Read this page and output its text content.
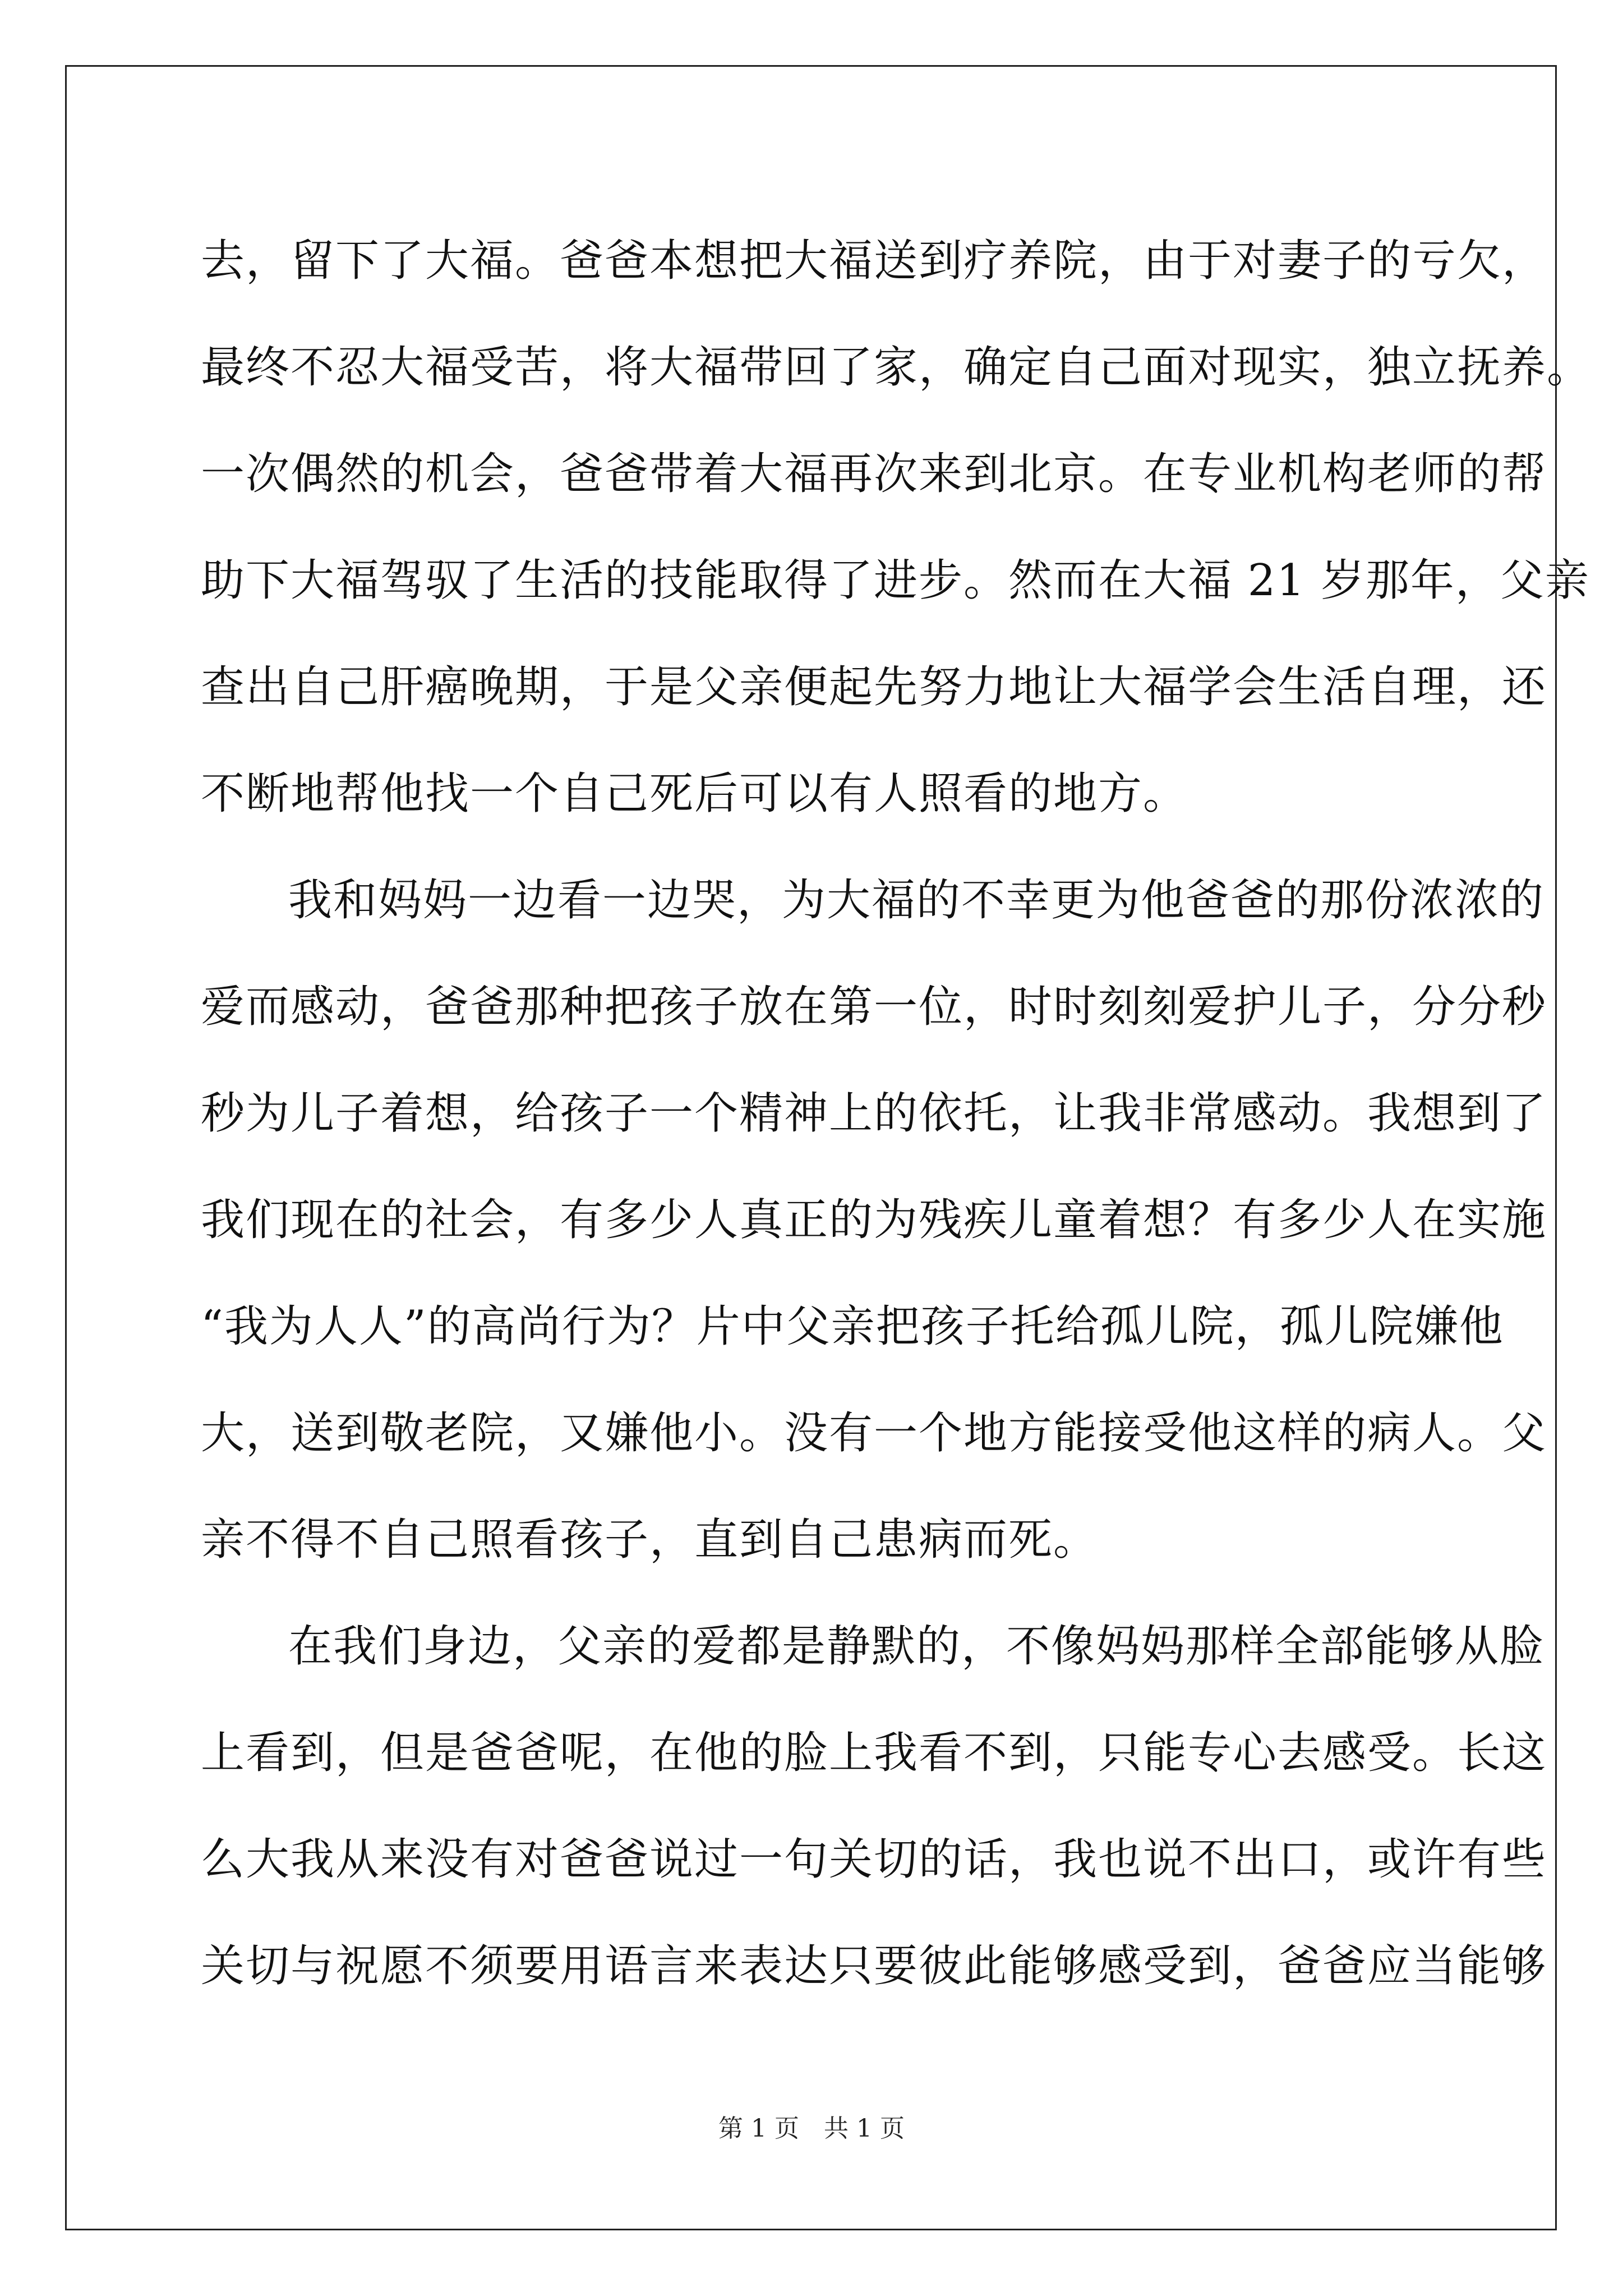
去，留下了大福。爸爸本想把大福送到疗养院，由于对妻子的亏欠，
最终不忍大福受苦，将大福带回了家，确定自己面对现实，独立抚养。
一次偶然的机会，爸爸带着大福再次来到北京。在专业机构老师的帮
助下大福驾驭了生活的技能取得了进步。然而在大福 21 岁那年，父亲
查出自己肝癌晚期，于是父亲便起先努力地让大福学会生活自理，还
不断地帮他找一个自己死后可以有人照看的地方。
我和妈妈一边看一边哭，为大福的不幸更为他爸爸的那份浓浓的
爱而感动，爸爸那种把孩子放在第一位，时时刻刻爱护儿子，分分秒
秒为儿子着想，给孩子一个精神上的依托，让我非常感动。我想到了
我们现在的社会，有多少人真正的为残疾儿童着想？有多少人在实施
“我为人人”的高尚行为？片中父亲把孩子托给孤儿院，孤儿院嫌他
大，送到敬老院，又嫌他小。没有一个地方能接受他这样的病人。父
亲不得不自己照看孩子，直到自己患病而死。
在我们身边，父亲的爱都是静默的，不像妈妈那样全部能够从脸
上看到，但是爸爸呢，在他的脸上我看不到，只能专心去感受。长这
么大我从来没有对爸爸说过一句关切的话，我也说不出口，或许有些
关切与祝愿不须要用语言来表达只要彼此能够感受到，爸爸应当能够
第 1 页　共 1 页
